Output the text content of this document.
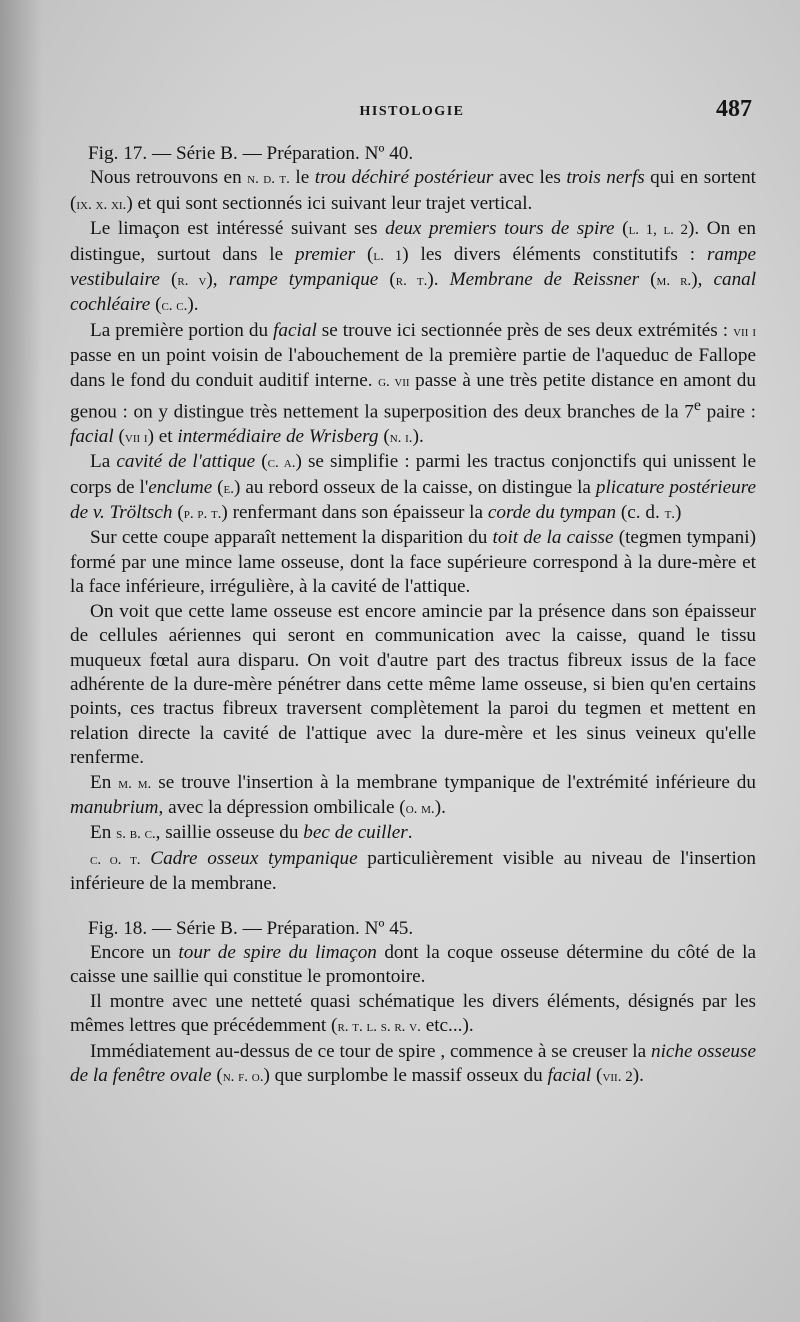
HISTOLOGIE	487

Fig. 17. — Série B. — Préparation. Nº 40.

Nous retrouvons en n. d. t. le trou déchiré postérieur avec les trois nerfs qui en sortent (ix. x. xi.) et qui sont sectionnés ici suivant leur trajet vertical.

Le limaçon est intéressé suivant ses deux premiers tours de spire (l. 1, l. 2). On en distingue, surtout dans le premier (l. 1) les divers éléments constitutifs : rampe vestibulaire (r. v), rampe tympanique (r. t.). Membrane de Reissner (m. r.), canal cochléaire (c. c.).

La première portion du facial se trouve ici sectionnée près de ses deux extrémités : vii i passe en un point voisin de l'abouchement de la première partie de l'aqueduc de Fallope dans le fond du conduit auditif interne. g. vii passe à une très petite distance en amont du genou : on y distingue très nettement la superposition des deux branches de la 7e paire : facial (vii i) et intermédiaire de Wrisberg (n. i.).

La cavité de l'attique (c. a.) se simplifie : parmi les tractus conjonctifs qui unissent le corps de l'enclume (e.) au rebord osseux de la caisse, on distingue la plicature postérieure de v. Tröltsch (p. p. t.) renfermant dans son épaisseur la corde du tympan (c. d. t.)

Sur cette coupe apparaît nettement la disparition du toit de la caisse (tegmen tympani) formé par une mince lame osseuse, dont la face supérieure correspond à la dure-mère et la face inférieure, irrégulière, à la cavité de l'attique.

On voit que cette lame osseuse est encore amincie par la présence dans son épaisseur de cellules aériennes qui seront en communication avec la caisse, quand le tissu muqueux fœtal aura disparu. On voit d'autre part des tractus fibreux issus de la face adhérente de la dure-mère pénétrer dans cette même lame osseuse, si bien qu'en certains points, ces tractus fibreux traversent complètement la paroi du tegmen et mettent en relation directe la cavité de l'attique avec la dure-mère et les sinus veineux qu'elle renferme.

En m. m. se trouve l'insertion à la membrane tympanique de l'extrémité inférieure du manubrium, avec la dépression ombilicale (o. m.).

En s. b. c., saillie osseuse du bec de cuiller.

c. o. t. Cadre osseux tympanique particulièrement visible au niveau de l'insertion inférieure de la membrane.

Fig. 18. — Série B. — Préparation. Nº 45.

Encore un tour de spire du limaçon dont la coque osseuse détermine du côté de la caisse une saillie qui constitue le promontoire.

Il montre avec une netteté quasi schématique les divers éléments, désignés par les mêmes lettres que précédemment (r. t. l. s. r. v. etc...).

Immédiatement au-dessus de ce tour de spire , commence à se creuser la niche osseuse de la fenêtre ovale (n. f. o.) que surplombe le massif osseux du facial (vii. 2).
